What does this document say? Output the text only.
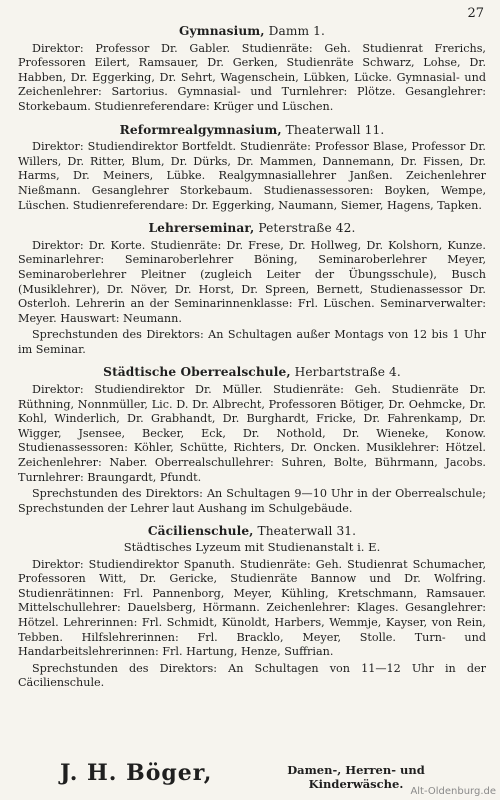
27
Gymnasium, Damm 1.

Direktor: Professor Dr. Gabler. Studienräte: Geh. Studienrat Frerichs, Professoren Eilert, Ramsauer, Dr. Gerken, Studienräte Schwarz, Lohse, Dr. Habben, Dr. Eggerking, Dr. Sehrt, Wagenschein, Lübken, Lücke. Gymnasial- und Zeichenlehrer: Sartorius. Gymnasial- und Turnlehrer: Plötze. Gesanglehrer: Storkebaum. Studienreferendare: Krüger und Lüschen.

Reformrealgymnasium, Theaterwall 11.

Direktor: Studiendirektor Bortfeldt. Studienräte: Professor Blase, Professor Dr. Willers, Dr. Ritter, Blum, Dr. Dürks, Dr. Mammen, Dannemann, Dr. Fissen, Dr. Harms, Dr. Meiners, Lübke. Realgymnasiallehrer Janßen. Zeichenlehrer Nießmann. Gesanglehrer Storkebaum. Studienassessoren: Boyken, Wempe, Lüschen. Studienreferendare: Dr. Eggerking, Naumann, Siemer, Hagens, Tapken.

Lehrerseminar, Peterstraße 42.

Direktor: Dr. Korte. Studienräte: Dr. Frese, Dr. Hollweg, Dr. Kolshorn, Kunze. Seminarlehrer: Seminaroberlehrer Böning, Seminaroberlehrer Meyer, Seminaroberlehrer Pleitner (zugleich Leiter der Übungsschule), Busch (Musiklehrer), Dr. Növer, Dr. Horst, Dr. Spreen, Bernett, Studienassessor Dr. Osterloh. Lehrerin an der Seminarinnenklasse: Frl. Lüschen. Seminarverwalter: Meyer. Hauswart: Neumann.

Sprechstunden des Direktors: An Schultagen außer Montags von 12 bis 1 Uhr im Seminar.

Städtische Oberrealschule, Herbartstraße 4.

Direktor: Studiendirektor Dr. Müller. Studienräte: Geh. Studienräte Dr. Rüthning, Nonnmüller, Lic. D. Dr. Albrecht, Professoren Bötiger, Dr. Oehmcke, Dr. Kohl, Winderlich, Dr. Grabhandt, Dr. Burghardt, Fricke, Dr. Fahrenkamp, Dr. Wigger, Jsensee, Becker, Eck, Dr. Nothold, Dr. Wieneke, Konow. Studienassessoren: Köhler, Schütte, Richters, Dr. Oncken. Musiklehrer: Hötzel. Zeichenlehrer: Naber. Oberrealschullehrer: Suhren, Bolte, Bührmann, Jacobs. Turnlehrer: Braungardt, Pfundt.

Sprechstunden des Direktors: An Schultagen 9—10 Uhr in der Oberrealschule; Sprechstunden der Lehrer laut Aushang im Schulgebäude.

Cäcilienschule, Theaterwall 31.
Städtisches Lyzeum mit Studienanstalt i. E.

Direktor: Studiendirektor Spanuth. Studienräte: Geh. Studienrat Schumacher, Professoren Witt, Dr. Gericke, Studienräte Bannow und Dr. Wolfring. Studienrätinnen: Frl. Pannenborg, Meyer, Kühling, Kretschmann, Ramsauer. Mittelschullehrer: Dauelsberg, Hörmann. Zeichenlehrer: Klages. Gesanglehrer: Hötzel. Lehrerinnen: Frl. Schmidt, Künoldt, Harbers, Wemmje, Kayser, von Rein, Tebben. Hilfslehrerinnen: Frl. Bracklo, Meyer, Stolle. Turn- und Handarbeitslehrerinnen: Frl. Hartung, Henze, Suffrian.

Sprechstunden des Direktors: An Schultagen von 11—12 Uhr in der Cäcilienschule.

J. H. Böger,	Damen-, Herren- und Kinderwäsche.
Alt-Oldenburg.de
